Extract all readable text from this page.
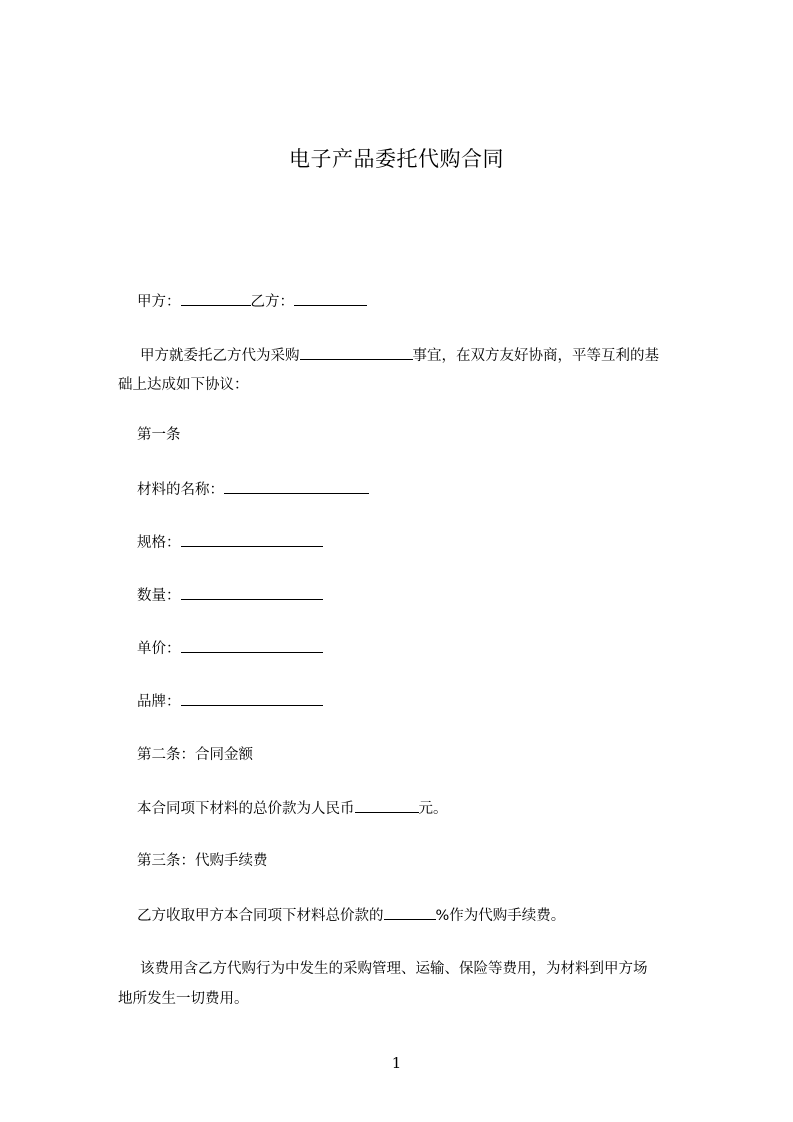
电子产品委托代购合同
甲方：	乙方：
甲方就委托乙方代为采购	事宜，在双方友好协商，平等互利的基
础上达成如下协议：
第一条
材料的名称：
规格：
数量：
单价：
品牌：
第二条：合同金额
本合同项下材料的总价款为人民币	元。
第三条：代购手续费
乙方收取甲方本合同项下材料总价款的	%作为代购手续费。
该费用含乙方代购行为中发生的采购管理、运输、保险等费用，为材料到甲方场
地所发生一切费用。
1
